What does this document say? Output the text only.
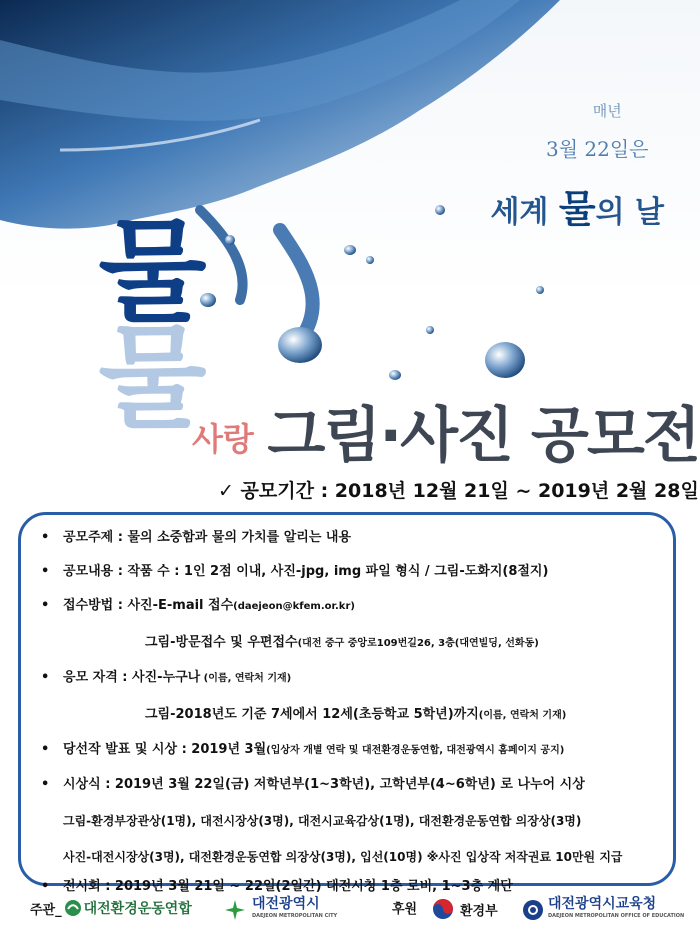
매년
3월 22일은
세계 물의 날
물물
사랑 그림·사진 공모전
✓ 공모기간 : 2018년 12월 21일 ~ 2019년 2월 28일
• 공모주제 : 물의 소중함과 물의 가치를 알리는 내용
• 공모내용 : 작품 수 : 1인 2점 이내, 사진-jpg, img 파일 형식 / 그림-도화지(8절지)
• 접수방법 : 사진-E-mail 접수(daejeon@kfem.or.kr)
그림-방문접수 및 우편접수(대전 중구 중앙로109번길26, 3층(대연빌딩, 선화동)
• 응모 자격 : 사진-누구나 (이름, 연락처 기재)
그림-2018년도 기준 7세에서 12세(초등학교 5학년)까지(이름, 연락처 기재)
• 당선작 발표 및 시상 : 2019년 3월(입상자 개별 연락 및 대전환경운동연합, 대전광역시 홈페이지 공지)
• 시상식 : 2019년 3월 22일(금) 저학년부(1~3학년), 고학년부(4~6학년) 로 나누어 시상
그림-환경부장관상(1명), 대전시장상(3명), 대전시교육감상(1명), 대전환경운동연합 의장상(3명)
사진-대전시장상(3명), 대전환경운동연합 의장상(3명), 입선(10명) ※사진 입상작 저작권료 10만원 지급
• 전시회 : 2019년 3월 21일 ~ 22일(2일간) 대전시청 1층 로비, 1~3층 계단
주관_ 대전환경운동연합	대전광역시
DAEJEON METROPOLITAN CITY	후원	환경부	대전광역시교육청
DAEJEON METROPOLITAN OFFICE OF EDUCATION
